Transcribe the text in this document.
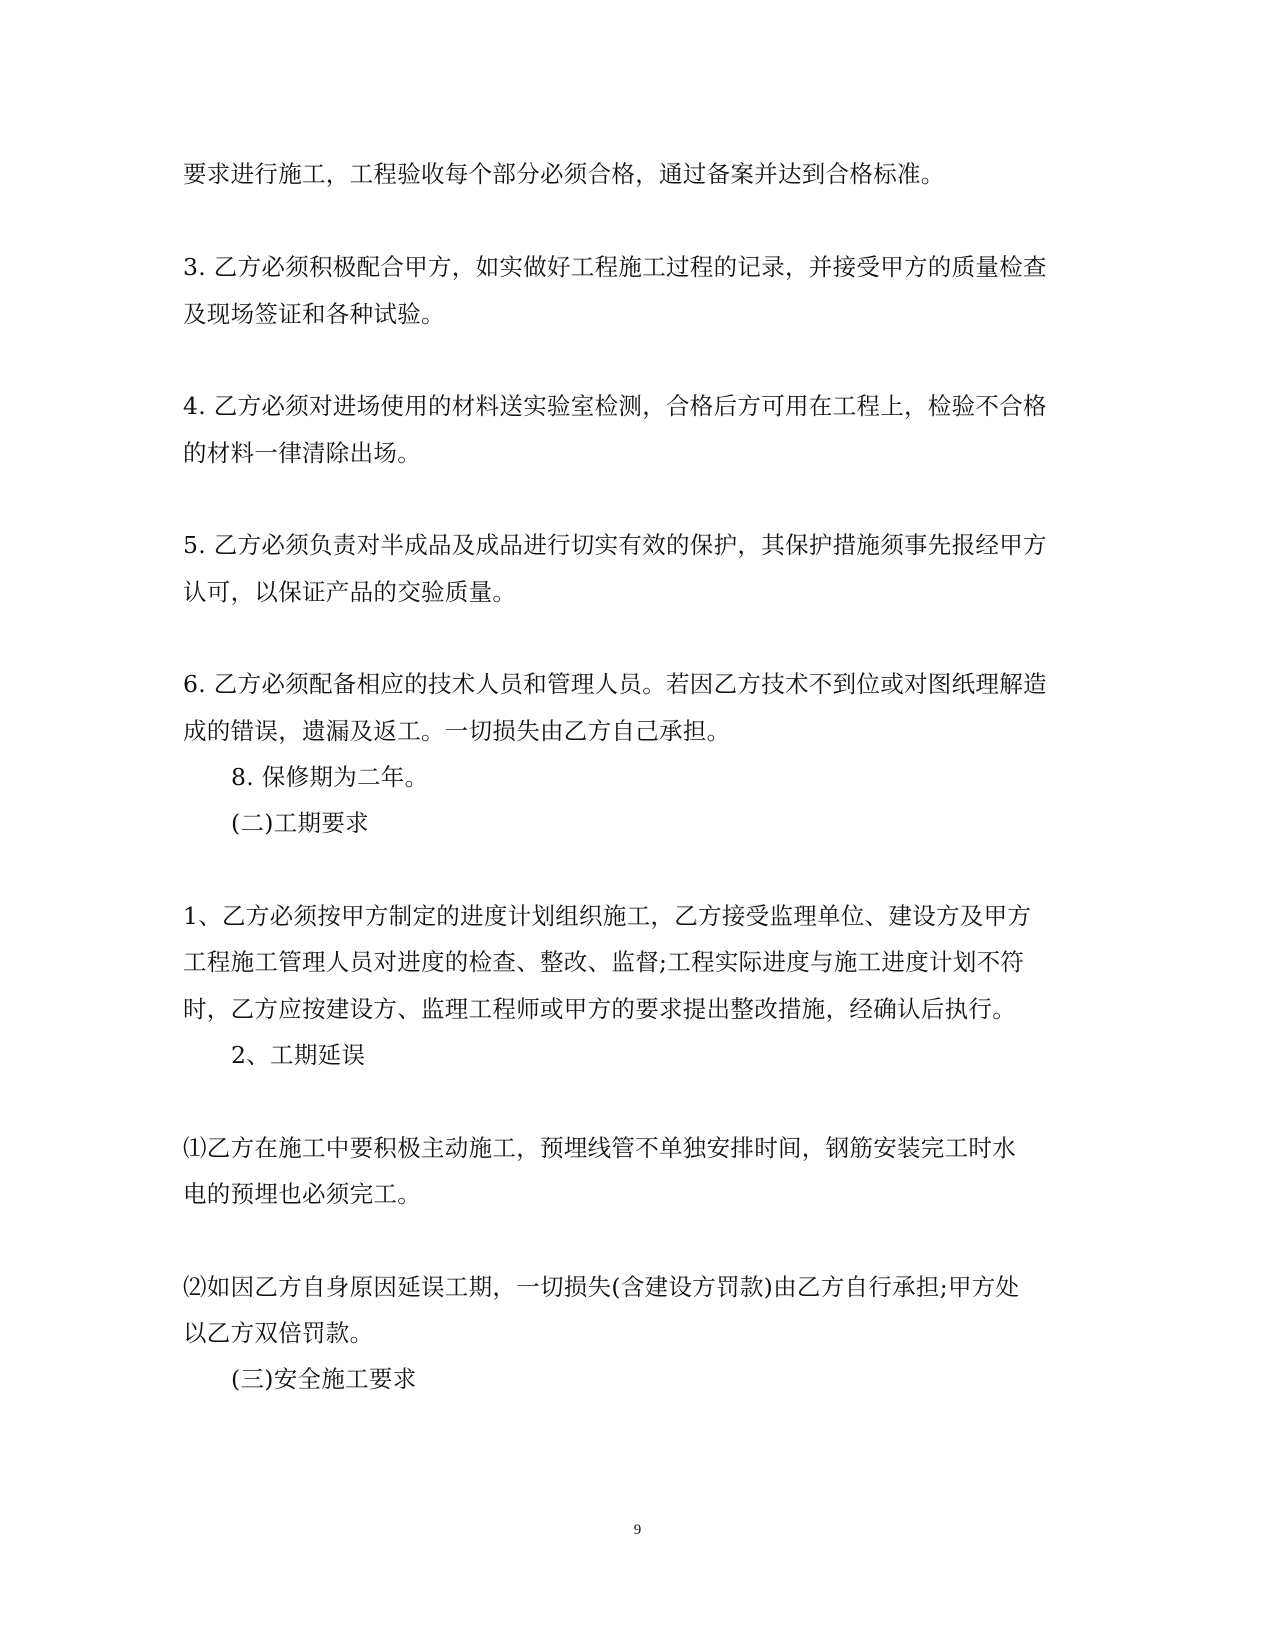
要求进行施工，工程验收每个部分必须合格，通过备案并达到合格标准。
3. 乙方必须积极配合甲方，如实做好工程施工过程的记录，并接受甲方的质量检查
及现场签证和各种试验。
4. 乙方必须对进场使用的材料送实验室检测，合格后方可用在工程上，检验不合格
的材料一律清除出场。
5. 乙方必须负责对半成品及成品进行切实有效的保护，其保护措施须事先报经甲方
认可，以保证产品的交验质量。
6. 乙方必须配备相应的技术人员和管理人员。若因乙方技术不到位或对图纸理解造
成的错误，遗漏及返工。一切损失由乙方自己承担。
8. 保修期为二年。
(二)工期要求
1、乙方必须按甲方制定的进度计划组织施工，乙方接受监理单位、建设方及甲方
工程施工管理人员对进度的检查、整改、监督;工程实际进度与施工进度计划不符
时，乙方应按建设方、监理工程师或甲方的要求提出整改措施，经确认后执行。
2、工期延误
⑴乙方在施工中要积极主动施工，预埋线管不单独安排时间，钢筋安装完工时水
电的预埋也必须完工。
⑵如因乙方自身原因延误工期，一切损失(含建设方罚款)由乙方自行承担;甲方处
以乙方双倍罚款。
(三)安全施工要求
9
